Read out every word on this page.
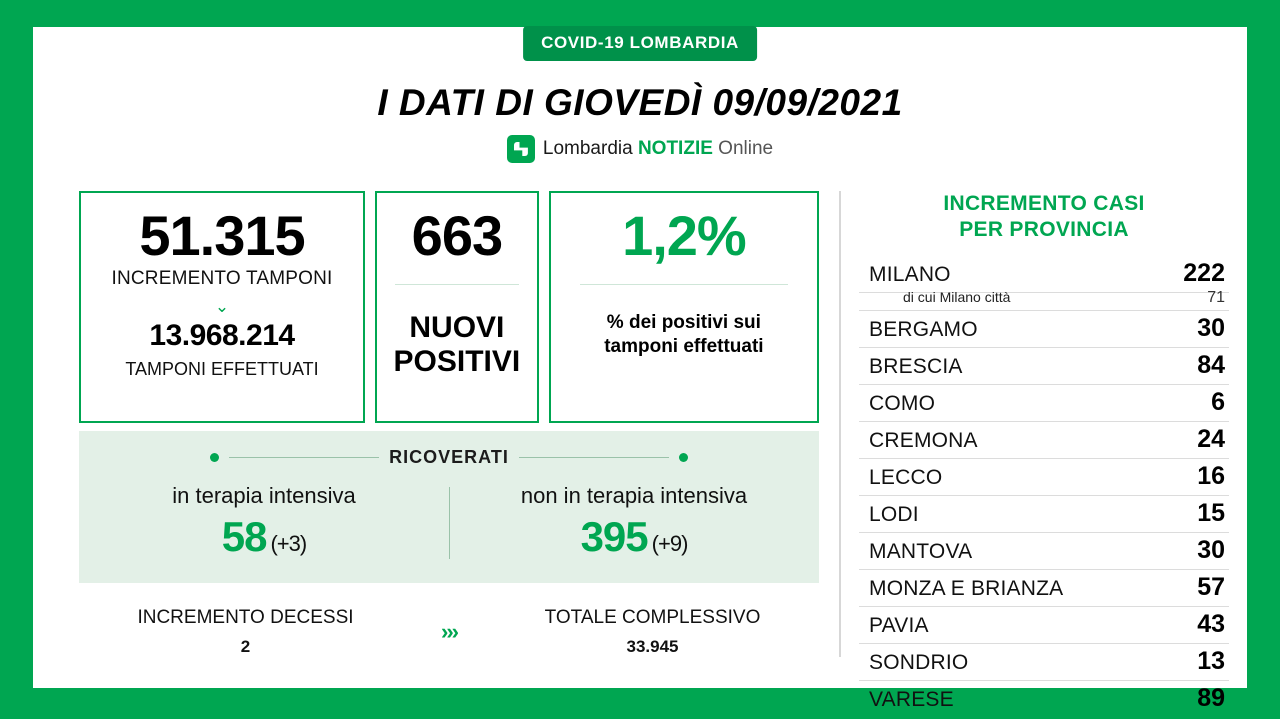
COVID-19 LOMBARDIA
I DATI DI GIOVEDÌ 09/09/2021
Lombardia NOTIZIE Online
51.315
INCREMENTO TAMPONI
⌄
13.968.214
TAMPONI EFFETTUATI
663
NUOVI
POSITIVI
1,2%
% dei positivi sui
tamponi effettuati
RICOVERATI
in terapia intensiva
58 (+3)
non in terapia intensiva
395 (+9)
INCREMENTO DECESSI
2
›››
TOTALE COMPLESSIVO
33.945
INCREMENTO CASI
PER PROVINCIA
MILANO	222
di cui Milano città	71
BERGAMO	30
BRESCIA	84
COMO	6
CREMONA	24
LECCO	16
LODI	15
MANTOVA	30
MONZA E BRIANZA	57
PAVIA	43
SONDRIO	13
VARESE	89
